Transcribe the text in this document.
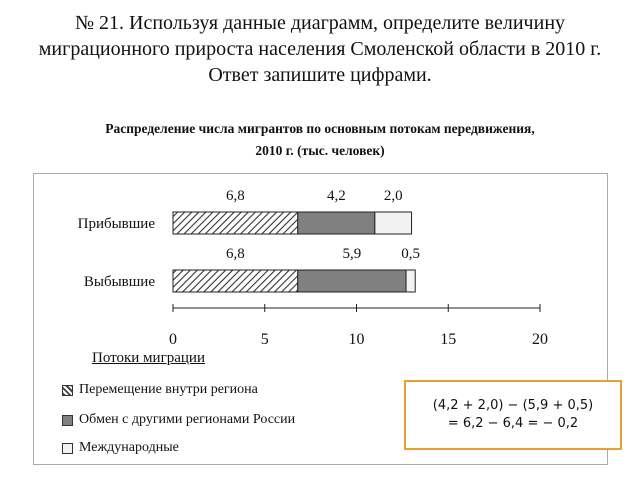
№ 21. Используя данные диаграмм, определите величину миграционного прироста населения Смоленской области в 2010 г. Ответ запишите цифрами.
Распределение числа мигрантов по основным потокам передвижения,
2010 г. (тыс. человек)
0	5	10	15	20
Прибывшие
Выбывшие
6,8	4,2	2,0
6,8	5,9	0,5
Потоки миграции
Перемещение внутри региона
Обмен с другими регионами России
Международные
(4,2 + 2,0) − (5,9 + 0,5)
= 6,2 − 6,4 = − 0,2
